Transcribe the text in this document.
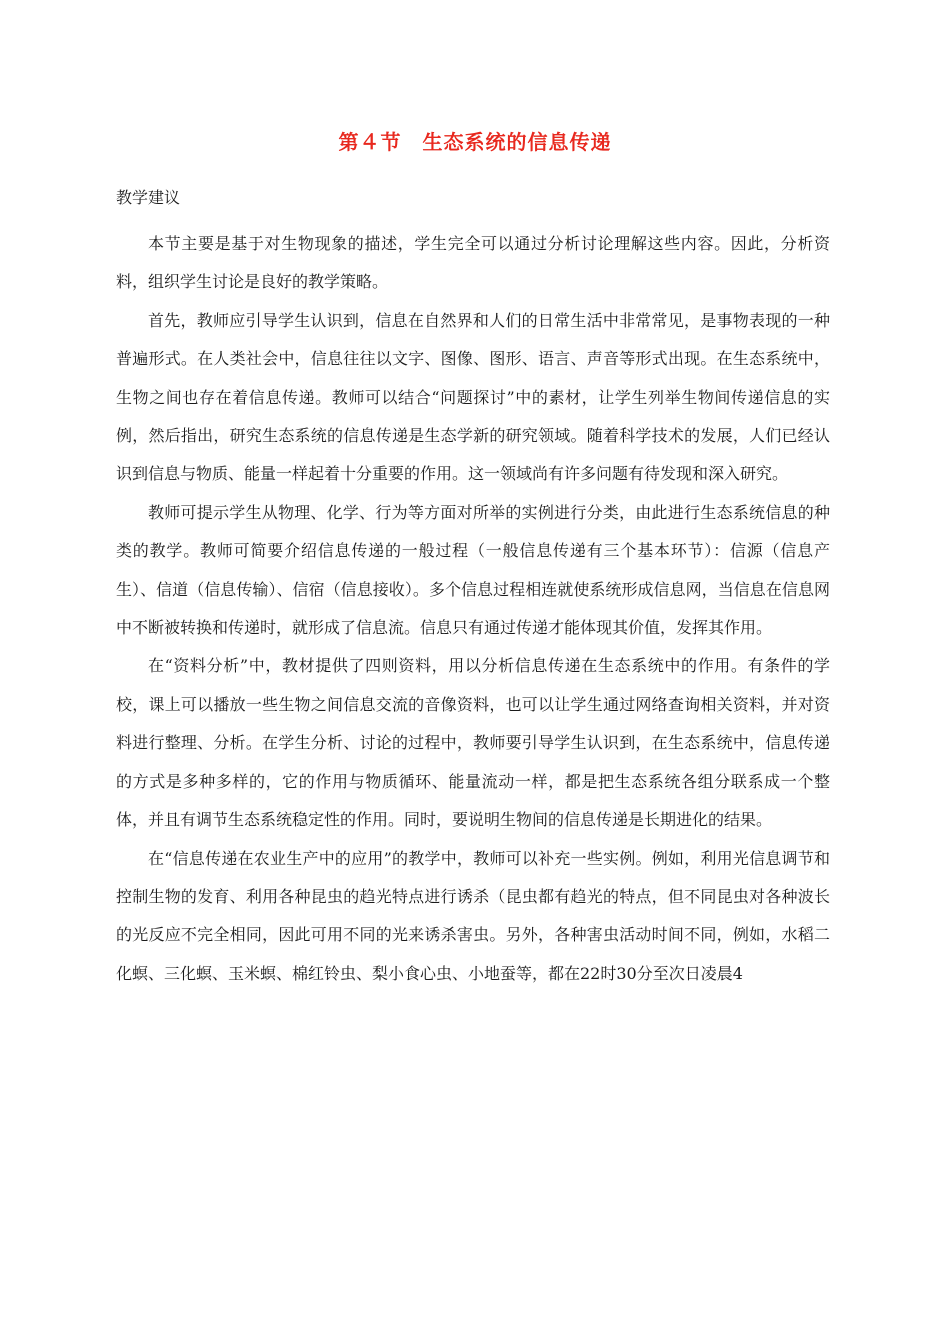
第４节　生态系统的信息传递
教学建议

本节主要是基于对生物现象的描述，学生完全可以通过分析讨论理解这些内容。因此，分析资料，组织学生讨论是良好的教学策略。

首先，教师应引导学生认识到，信息在自然界和人们的日常生活中非常常见，是事物表现的一种普遍形式。在人类社会中，信息往往以文字、图像、图形、语言、声音等形式出现。在生态系统中，生物之间也存在着信息传递。教师可以结合“问题探讨”中的素材，让学生列举生物间传递信息的实例，然后指出，研究生态系统的信息传递是生态学新的研究领域。随着科学技术的发展，人们已经认识到信息与物质、能量一样起着十分重要的作用。这一领域尚有许多问题有待发现和深入研究。

教师可提示学生从物理、化学、行为等方面对所举的实例进行分类，由此进行生态系统信息的种类的教学。教师可简要介绍信息传递的一般过程（一般信息传递有三个基本环节）：信源（信息产生）、信道（信息传输）、信宿（信息接收）。多个信息过程相连就使系统形成信息网，当信息在信息网中不断被转换和传递时，就形成了信息流。信息只有通过传递才能体现其价值，发挥其作用。

在“资料分析”中，教材提供了四则资料，用以分析信息传递在生态系统中的作用。有条件的学校，课上可以播放一些生物之间信息交流的音像资料，也可以让学生通过网络查询相关资料，并对资料进行整理、分析。在学生分析、讨论的过程中，教师要引导学生认识到，在生态系统中，信息传递的方式是多种多样的，它的作用与物质循环、能量流动一样，都是把生态系统各组分联系成一个整体，并且有调节生态系统稳定性的作用。同时，要说明生物间的信息传递是长期进化的结果。

在“信息传递在农业生产中的应用”的教学中，教师可以补充一些实例。例如，利用光信息调节和控制生物的发育、利用各种昆虫的趋光特点进行诱杀（昆虫都有趋光的特点，但不同昆虫对各种波长的光反应不完全相同，因此可用不同的光来诱杀害虫。另外，各种害虫活动时间不同，例如，水稻二化螟、三化螟、玉米螟、棉红铃虫、梨小食心虫、小地蚕等，都在22时30分至次日凌晨4
